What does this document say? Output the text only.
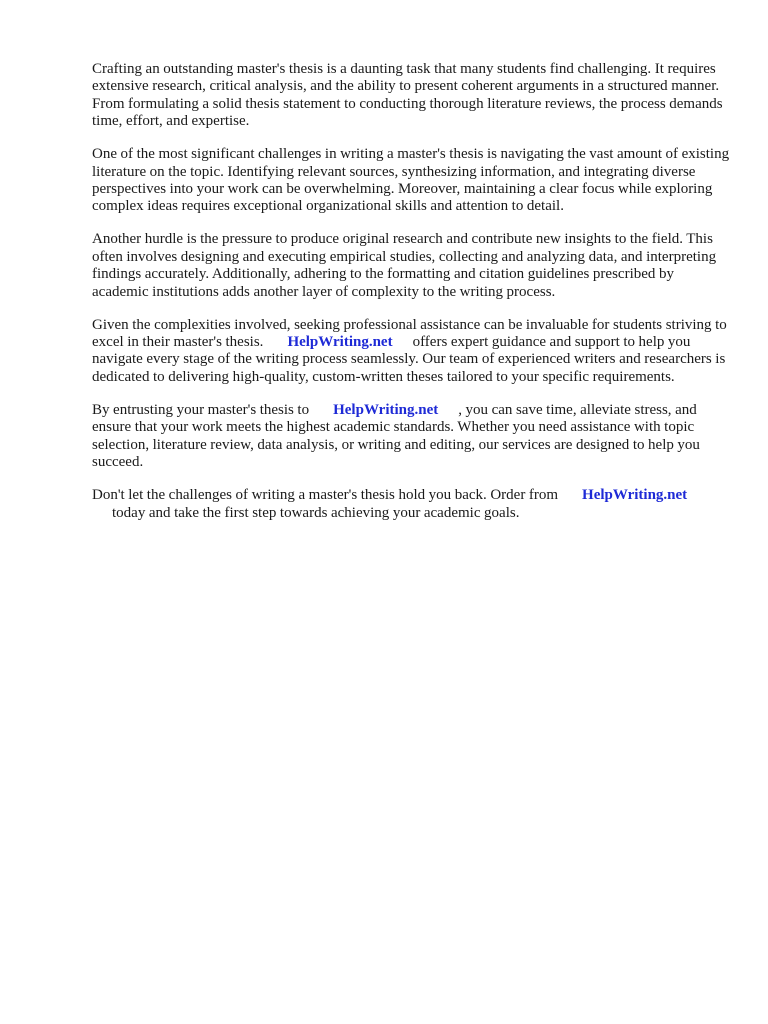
Crafting an outstanding master's thesis is a daunting task that many students find challenging. It requires extensive research, critical analysis, and the ability to present coherent arguments in a structured manner. From formulating a solid thesis statement to conducting thorough literature reviews, the process demands time, effort, and expertise.

One of the most significant challenges in writing a master's thesis is navigating the vast amount of existing literature on the topic. Identifying relevant sources, synthesizing information, and integrating diverse perspectives into your work can be overwhelming. Moreover, maintaining a clear focus while exploring complex ideas requires exceptional organizational skills and attention to detail.

Another hurdle is the pressure to produce original research and contribute new insights to the field. This often involves designing and executing empirical studies, collecting and analyzing data, and interpreting findings accurately. Additionally, adhering to the formatting and citation guidelines prescribed by academic institutions adds another layer of complexity to the writing process.

Given the complexities involved, seeking professional assistance can be invaluable for students striving to excel in their master's thesis. HelpWriting.net offers expert guidance and support to help you navigate every stage of the writing process seamlessly. Our team of experienced writers and researchers is dedicated to delivering high-quality, custom-written theses tailored to your specific requirements.

By entrusting your master's thesis to HelpWriting.net , you can save time, alleviate stress, and ensure that your work meets the highest academic standards. Whether you need assistance with topic selection, literature review, data analysis, or writing and editing, our services are designed to help you succeed.

Don't let the challenges of writing a master's thesis hold you back. Order from HelpWriting.net
today and take the first step towards achieving your academic goals.
